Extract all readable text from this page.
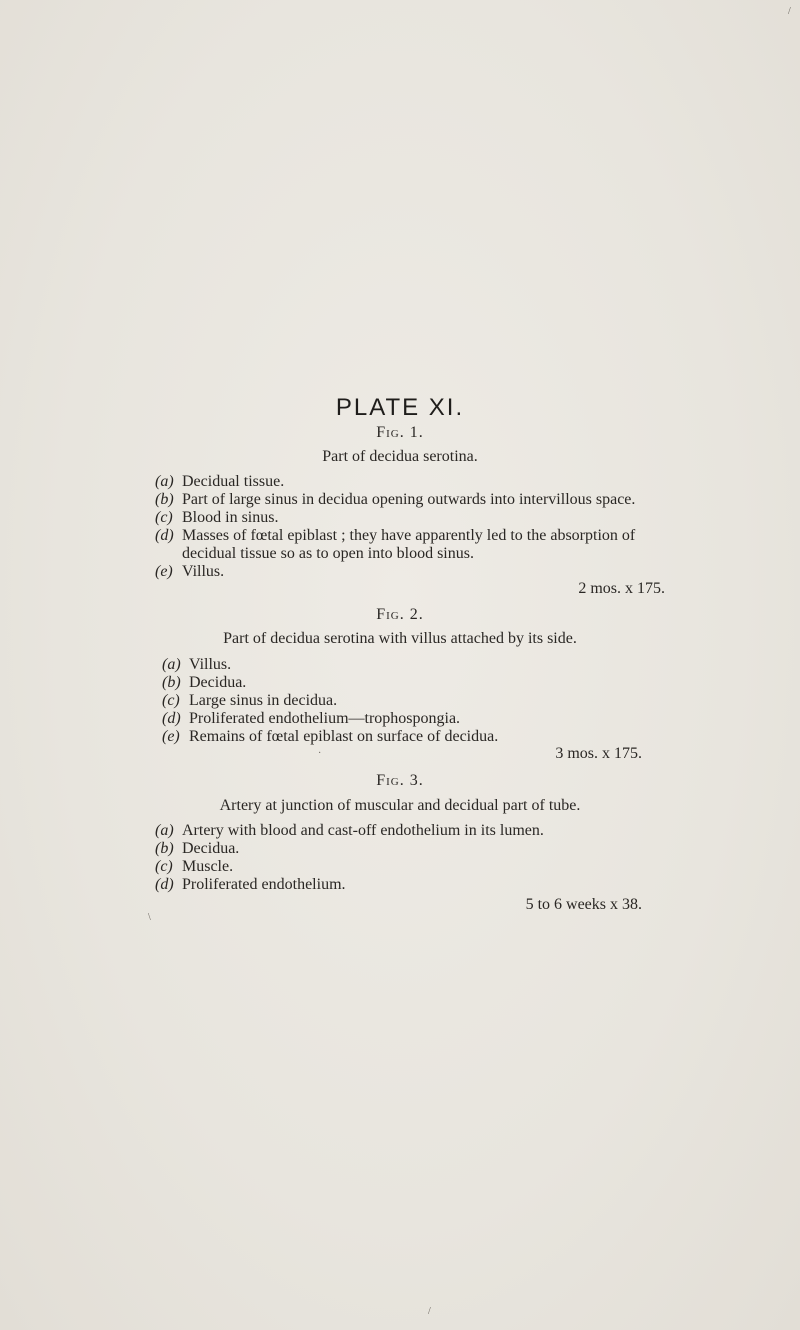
PLATE XI.
Fig. 1.
Part of decidua serotina.
(a) Decidual tissue.
(b) Part of large sinus in decidua opening outwards into intervillous space.
(c) Blood in sinus.
(d) Masses of fœtal epiblast ; they have apparently led to the absorption of decidual tissue so as to open into blood sinus.
(e) Villus.
2 mos. x 175.
Fig. 2.
Part of decidua serotina with villus attached by its side.
(a) Villus.
(b) Decidua.
(c) Large sinus in decidua.
(d) Proliferated endothelium—trophospongia.
(e) Remains of fœtal epiblast on surface of decidua.
3 mos. x 175.
·
Fig. 3.
Artery at junction of muscular and decidual part of tube.
(a) Artery with blood and cast-off endothelium in its lumen.
(b) Decidua.
(c) Muscle.
(d) Proliferated endothelium.
5 to 6 weeks x 38.
\
/
/
